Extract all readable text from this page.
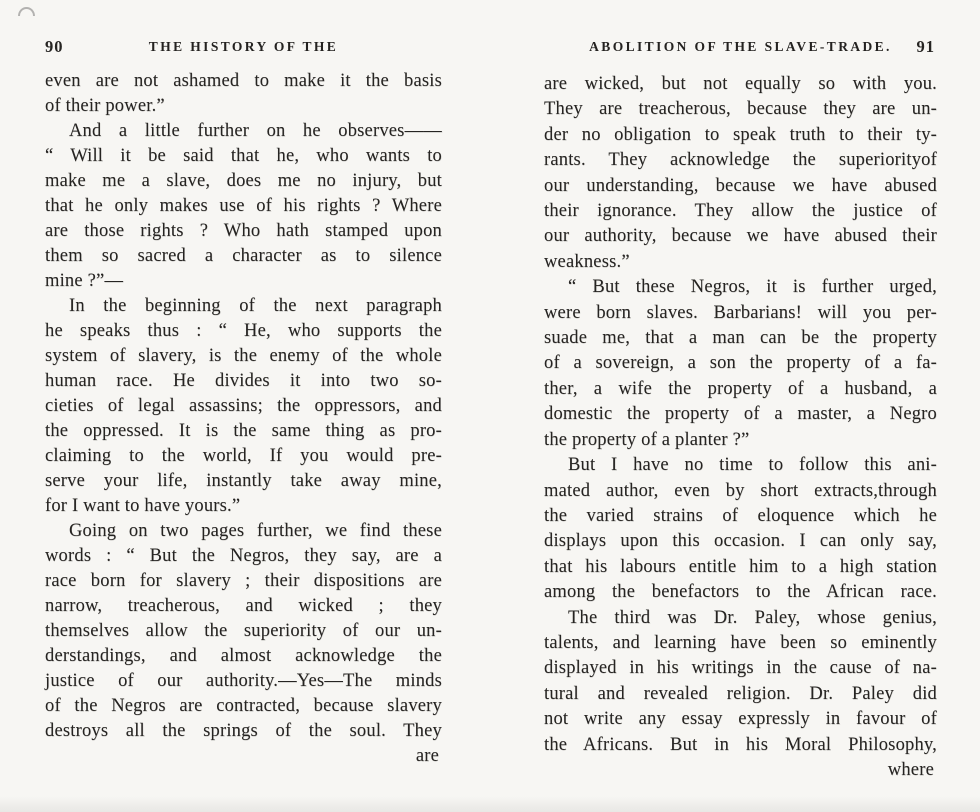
90	THE HISTORY OF THE
even are not ashamed to make it the basis
of their power.”
And a little further on he observes——
“ Will it be said that he, who wants to
make me a slave, does me no injury, but
that he only makes use of his rights ? Where
are those rights ? Who hath stamped upon
them so sacred a character as to silence
mine ?”—
In the beginning of the next paragraph
he speaks thus : “ He, who supports the
system of slavery, is the enemy of the whole
human race. He divides it into two so-
cieties of legal assassins; the oppressors, and
the oppressed. It is the same thing as pro-
claiming to the world, If you would pre-
serve your life, instantly take away mine,
for I want to have yours.”
Going on two pages further, we find these
words : “ But the Negros, they say, are a
race born for slavery ; their dispositions are
narrow, treacherous, and wicked ; they
themselves allow the superiority of our un-
derstandings, and almost acknowledge the
justice of our authority.—Yes—The minds
of the Negros are contracted, because slavery
destroys all the springs of the soul. They
are
ABOLITION OF THE SLAVE-TRADE.	91
are wicked, but not equally so with you.
They are treacherous, because they are un-
der no obligation to speak truth to their ty-
rants. They acknowledge the superiorityof
our understanding, because we have abused
their ignorance. They allow the justice of
our authority, because we have abused their
weakness.”
“ But these Negros, it is further urged,
were born slaves. Barbarians! will you per-
suade me, that a man can be the property
of a sovereign, a son the property of a fa-
ther, a wife the property of a husband, a
domestic the property of a master, a Negro
the property of a planter ?”
But I have no time to follow this ani-
mated author, even by short extracts,through
the varied strains of eloquence which he
displays upon this occasion. I can only say,
that his labours entitle him to a high station
among the benefactors to the African race.
The third was Dr. Paley, whose genius,
talents, and learning have been so eminently
displayed in his writings in the cause of na-
tural and revealed religion. Dr. Paley did
not write any essay expressly in favour of
the Africans. But in his Moral Philosophy,
where
